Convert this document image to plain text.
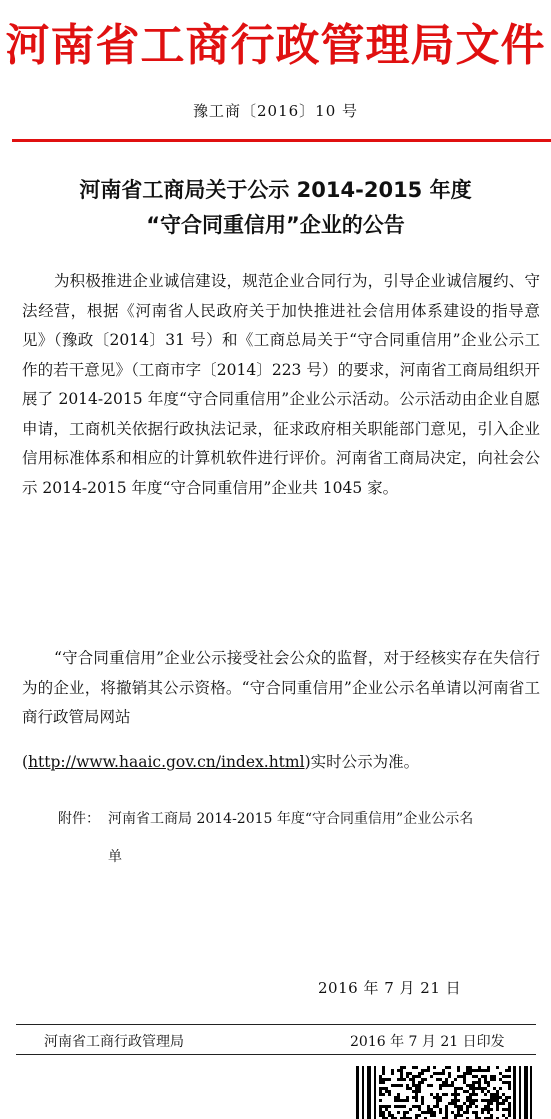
河南省工商行政管理局文件
豫工商〔2016〕10 号
河南省工商局关于公示 2014-2015 年度
“守合同重信用”企业的公告

为积极推进企业诚信建设，规范企业合同行为，引导企业诚信履约、守法经营，根据《河南省人民政府关于加快推进社会信用体系建设的指导意见》（豫政〔2014〕31 号）和《工商总局关于“守合同重信用”企业公示工作的若干意见》（工商市字〔2014〕223 号）的要求，河南省工商局组织开展了 2014-2015 年度“守合同重信用”企业公示活动。公示活动由企业自愿申请，工商机关依据行政执法记录，征求政府相关职能部门意见，引入企业信用标准体系和相应的计算机软件进行评价。河南省工商局决定，向社会公示 2014-2015 年度“守合同重信用”企业共 1045 家。

“守合同重信用”企业公示接受社会公众的监督，对于经核实存在失信行为的企业，将撤销其公示资格。“守合同重信用”企业公示名单请以河南省工商行政管局网站

(http://www.haaic.gov.cn/index.html)实时公示为准。

附件： 河南省工商局 2014-2015 年度“守合同重信用”企业公示名
单
2016 年 7 月 21 日
河南省工商行政管理局	2016 年 7 月 21 日印发
